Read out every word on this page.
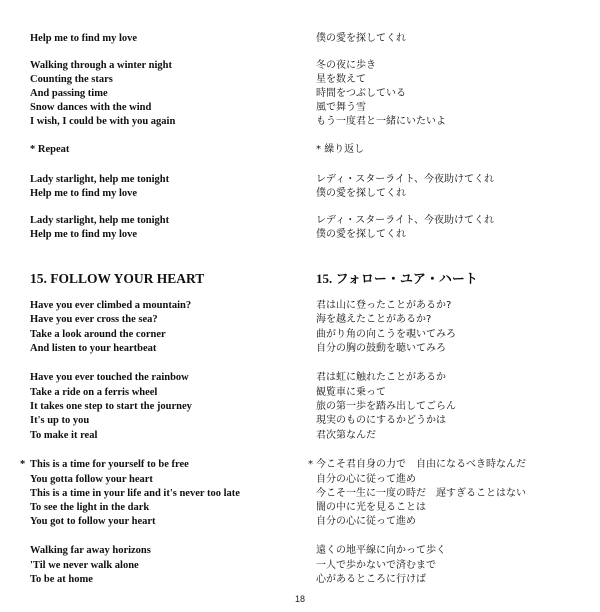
Help me to find my love
Walking through a winter night
Counting the stars
And passing time
Snow dances with the wind
I wish, I could be with you again
* Repeat
Lady starlight, help me tonight
Help me to find my love
Lady starlight, help me tonight
Help me to find my love
15. FOLLOW YOUR HEART
Have you ever climbed a mountain?
Have you ever cross the sea?
Take a look around the corner
And listen to your heartbeat
Have you ever touched the rainbow
Take a ride on a ferris wheel
It takes one step to start the journey
It's up to you
To make it real
* This is a time for yourself to be free
You gotta follow your heart
This is a time in your life and it's never too late
To see the light in the dark
You got to follow your heart
Walking far away horizons
'Til we never walk alone
To be at home
僕の愛を探してくれ
冬の夜に歩き
星を数えて
時間をつぶしている
風で舞う雪
もう一度君と一緒にいたいよ
* 繰り返し
レディ・スターライト、今夜助けてくれ
僕の愛を探してくれ
レディ・スターライト、今夜助けてくれ
僕の愛を探してくれ
15. フォロー・ユア・ハート
君は山に登ったことがあるか?
海を越えたことがあるか?
曲がり角の向こうを覗いてみろ
自分の胸の鼓動を聴いてみろ
君は虹に触れたことがあるか
観覧車に乗って
旅の第一歩を踏み出してごらん
現実のものにするかどうかは
君次第なんだ
* 今こそ君自身の力で　自由になるべき時なんだ
自分の心に従って進め
今こそ一生に一度の時だ　遅すぎることはない
闇の中に光を見ることは
自分の心に従って進め
遠くの地平線に向かって歩く
一人で歩かないで済むまで
心があるところに行けば
18
